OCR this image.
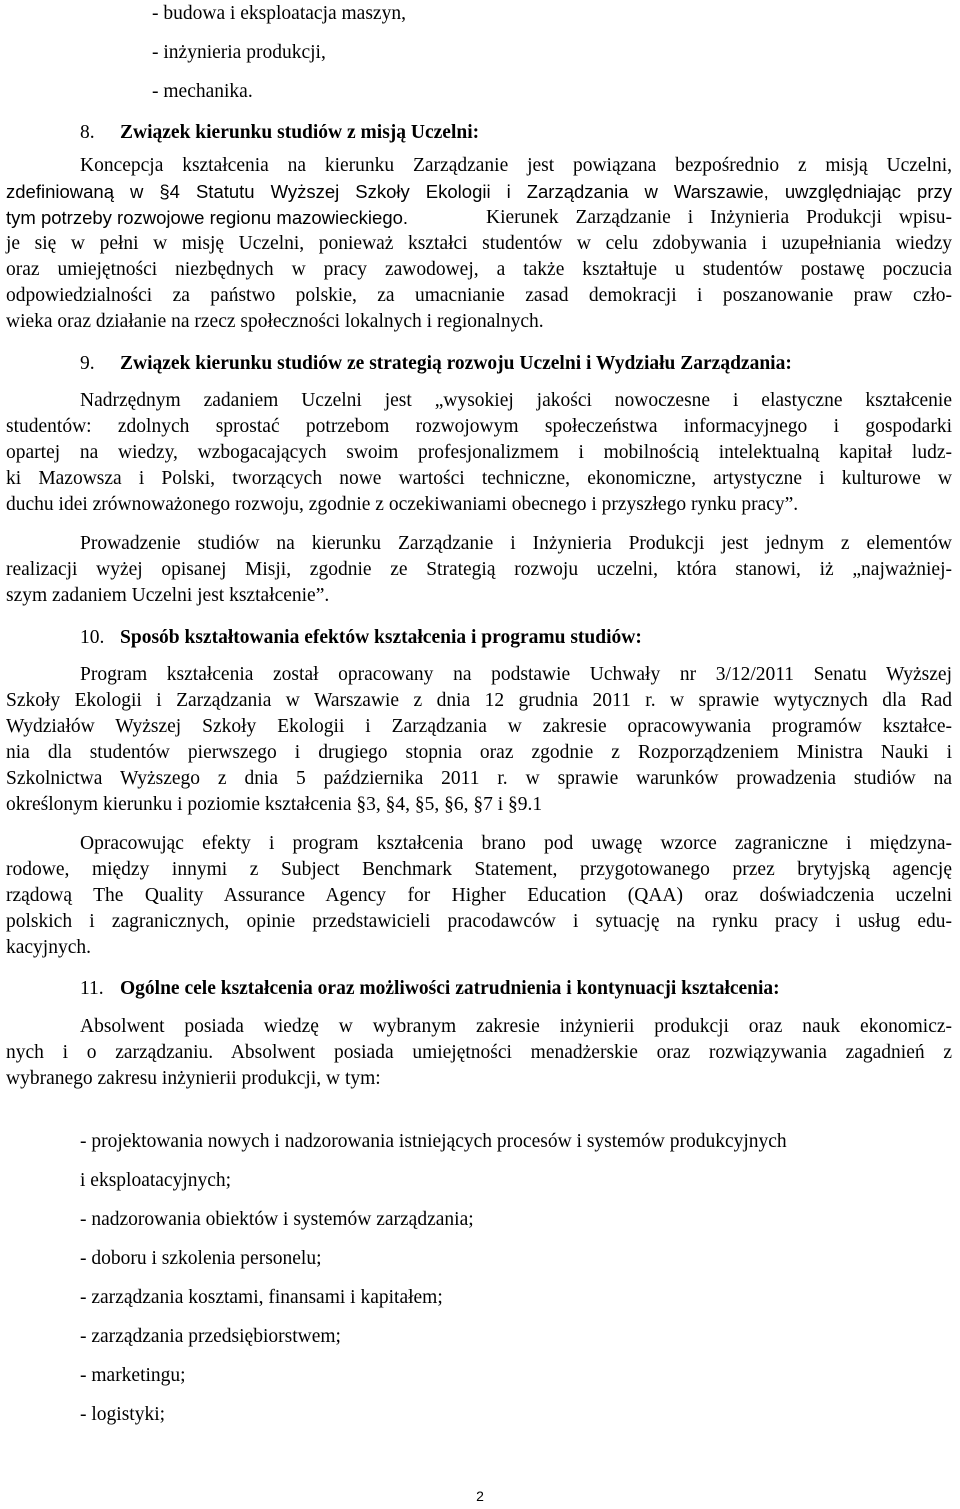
- budowa i eksploatacja maszyn,
- inżynieria produkcji,
- mechanika.
8. Związek kierunku studiów z misją Uczelni:
Koncepcja kształcenia na kierunku Zarządzanie jest powiązana bezpośrednio z misją Uczelni,
zdefiniowaną w §4 Statutu Wyższej Szkoły Ekologii i Zarządzania w Warszawie, uwzględniając przy
tym potrzeby rozwojowe regionu mazowieckiego.	Kierunek Zarządzanie i Inżynieria Produkcji wpisu-
je się w pełni w misję Uczelni, ponieważ kształci studentów w celu zdobywania i uzupełniania wiedzy
oraz umiejętności niezbędnych w pracy zawodowej, a także kształtuje u studentów postawę poczucia
odpowiedzialności za państwo polskie, za umacnianie zasad demokracji i poszanowanie praw czło-
wieka oraz działanie na rzecz społeczności lokalnych i regionalnych.
9. Związek kierunku studiów ze strategią rozwoju Uczelni i Wydziału Zarządzania:
Nadrzędnym zadaniem Uczelni jest „wysokiej jakości nowoczesne i elastyczne kształcenie
studentów: zdolnych sprostać potrzebom rozwojowym społeczeństwa informacyjnego i gospodarki
opartej na wiedzy, wzbogacających swoim profesjonalizmem i mobilnością intelektualną kapitał ludz-
ki Mazowsza i Polski, tworzących nowe wartości techniczne, ekonomiczne, artystyczne i kulturowe w
duchu idei zrównoważonego rozwoju, zgodnie z oczekiwaniami obecnego i przyszłego rynku pracy”.
Prowadzenie studiów na kierunku Zarządzanie i Inżynieria Produkcji jest jednym z elementów
realizacji wyżej opisanej Misji, zgodnie ze Strategią rozwoju uczelni, która stanowi, iż „najważniej-
szym zadaniem Uczelni jest kształcenie”.
10. Sposób kształtowania efektów kształcenia i programu studiów:
Program kształcenia został opracowany na podstawie Uchwały nr 3/12/2011 Senatu Wyższej
Szkoły Ekologii i Zarządzania w Warszawie z dnia 12 grudnia 2011 r. w sprawie wytycznych dla Rad
Wydziałów Wyższej Szkoły Ekologii i Zarządzania w zakresie opracowywania programów kształce-
nia dla studentów pierwszego i drugiego stopnia oraz zgodnie z Rozporządzeniem Ministra Nauki i
Szkolnictwa Wyższego z dnia 5 października 2011 r. w sprawie warunków prowadzenia studiów na
określonym kierunku i poziomie kształcenia §3, §4, §5, §6, §7 i §9.1
Opracowując efekty i program kształcenia brano pod uwagę wzorce zagraniczne i międzyna-
rodowe, między innymi z Subject Benchmark Statement, przygotowanego przez brytyjską agencję
rządową The Quality Assurance Agency for Higher Education (QAA) oraz doświadczenia uczelni
polskich i zagranicznych, opinie przedstawicieli pracodawców i sytuację na rynku pracy i usług edu-
kacyjnych.
11. Ogólne cele kształcenia oraz możliwości zatrudnienia i kontynuacji kształcenia:
Absolwent posiada wiedzę w wybranym zakresie inżynierii produkcji oraz nauk ekonomicz-
nych i o zarządzaniu. Absolwent posiada umiejętności menadżerskie oraz rozwiązywania zagadnień z
wybranego zakresu inżynierii produkcji, w tym:
- projektowania nowych i nadzorowania istniejących procesów i systemów produkcyjnych
i eksploatacyjnych;
- nadzorowania obiektów i systemów zarządzania;
- doboru i szkolenia personelu;
- zarządzania kosztami, finansami i kapitałem;
- zarządzania przedsiębiorstwem;
- marketingu;
- logistyki;
2
